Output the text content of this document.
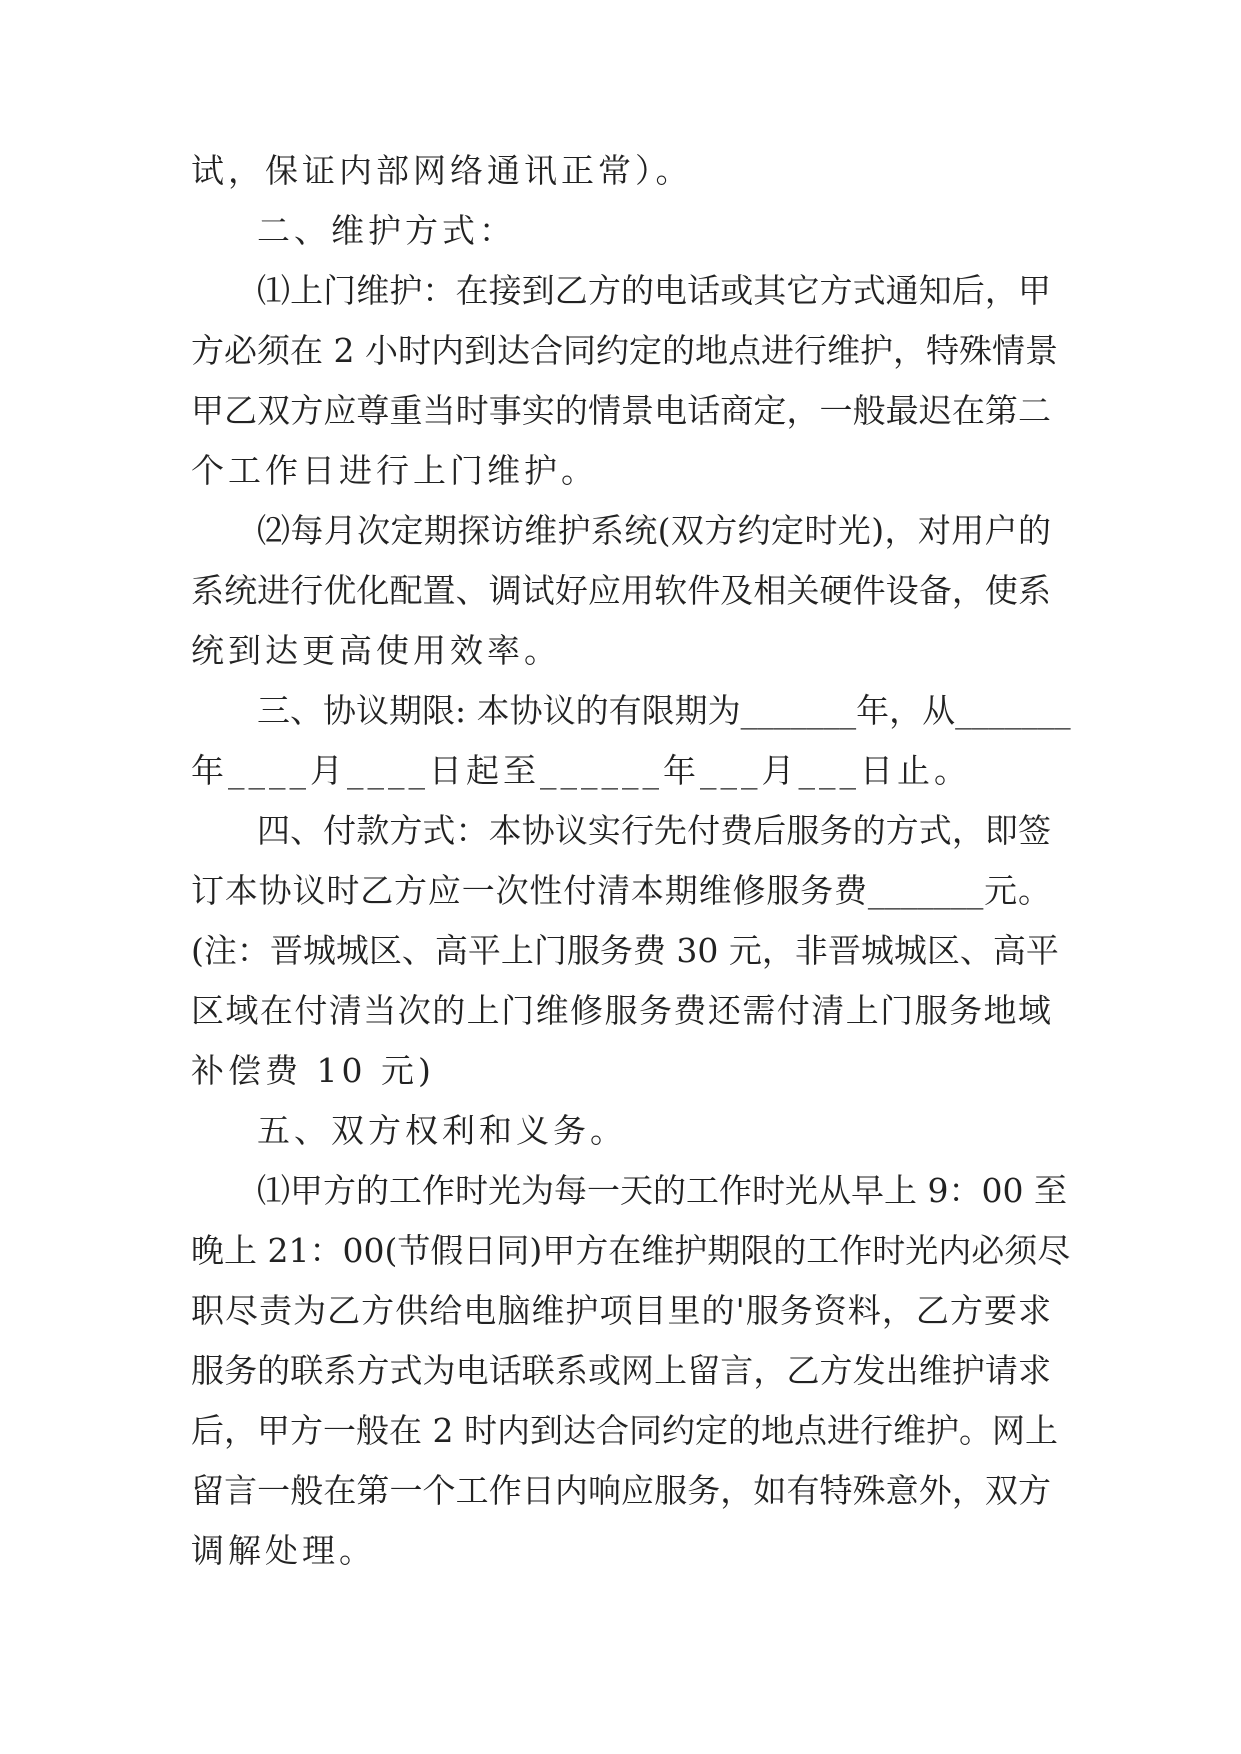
试，保证内部网络通讯正常）。
二、维护方式：
⑴上门维护：在接到乙方的电话或其它方式通知后，甲
方必须在 2 小时内到达合同约定的地点进行维护，特殊情景
甲乙双方应尊重当时事实的情景电话商定，一般最迟在第二
个工作日进行上门维护。
⑵每月次定期探访维护系统(双方约定时光)，对用户的
系统进行优化配置、调试好应用软件及相关硬件设备，使系
统到达更高使用效率。
三、协议期限: 本协议的有限期为_______年，从_______
年____月____日起至______年___月___日止。
四、付款方式：本协议实行先付费后服务的方式，即签
订本协议时乙方应一次性付清本期维修服务费_______元。
(注：晋城城区、高平上门服务费 30 元，非晋城城区、高平
区域在付清当次的上门维修服务费还需付清上门服务地域
补偿费 10 元)
五、双方权利和义务。
⑴甲方的工作时光为每一天的工作时光从早上 9：00 至
晚上 21：00(节假日同)甲方在维护期限的工作时光内必须尽
职尽责为乙方供给电脑维护项目里的'服务资料，乙方要求
服务的联系方式为电话联系或网上留言，乙方发出维护请求
后，甲方一般在 2 时内到达合同约定的地点进行维护。网上
留言一般在第一个工作日内响应服务，如有特殊意外，双方
调解处理。
